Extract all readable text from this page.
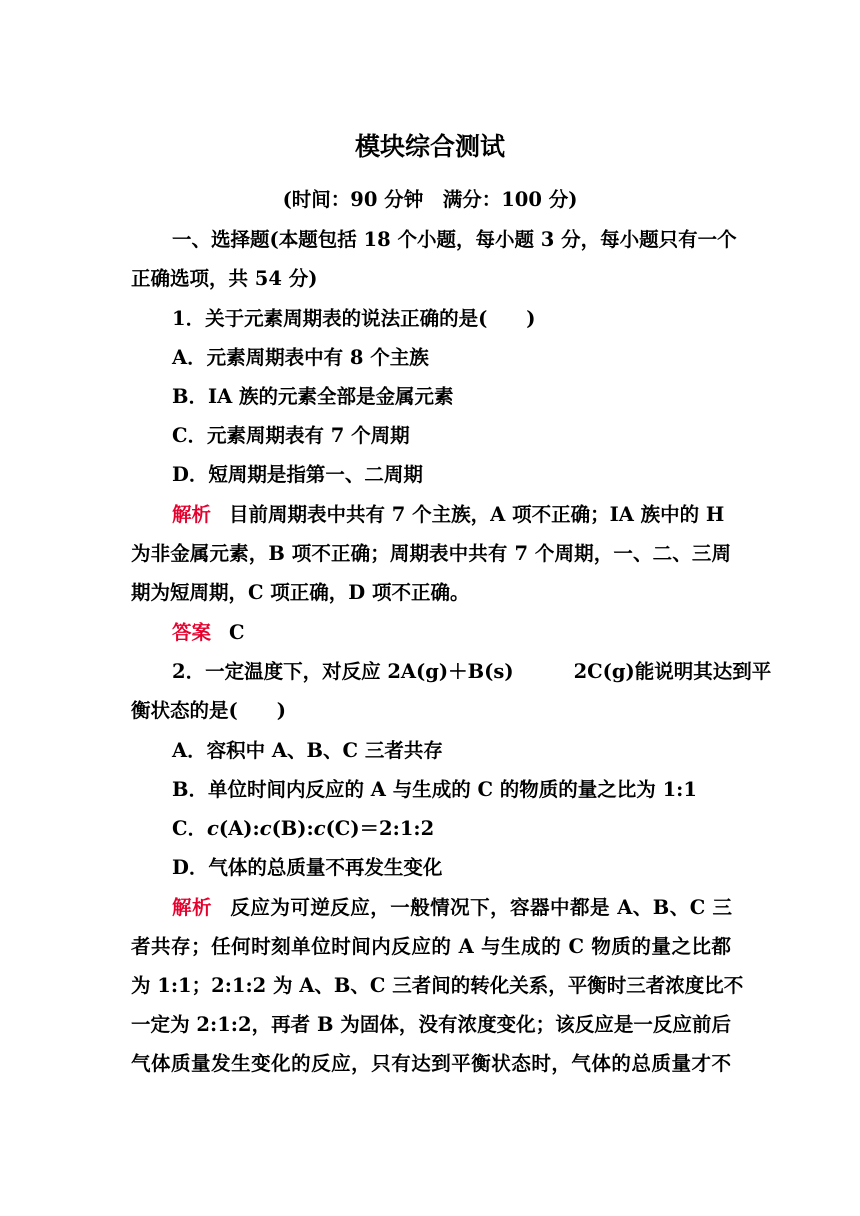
模块综合测试
(时间：90 分钟　满分：100 分)
一、选择题(本题包括 18 个小题，每小题 3 分，每小题只有一个
正确选项，共 54 分)
1．关于元素周期表的说法正确的是(　　)
A．元素周期表中有 8 个主族
B．ⅠA 族的元素全部是金属元素
C．元素周期表有 7 个周期
D．短周期是指第一、二周期
解析 目前周期表中共有 7 个主族，A 项不正确；ⅠA 族中的 H
为非金属元素，B 项不正确；周期表中共有 7 个周期，一、二、三周
期为短周期，C 项正确，D 项不正确。
答案 C
2．一定温度下，对反应 2A(g)＋B(s)	2C(g)能说明其达到平
衡状态的是(　　)
A．容积中 A、B、C 三者共存
B．单位时间内反应的 A 与生成的 C 的物质的量之比为 1:1
C．c(A):c(B):c(C)＝2:1:2
D．气体的总质量不再发生变化
解析 反应为可逆反应，一般情况下，容器中都是 A、B、C 三
者共存；任何时刻单位时间内反应的 A 与生成的 C 物质的量之比都
为 1:1；2:1:2 为 A、B、C 三者间的转化关系，平衡时三者浓度比不
一定为 2:1:2，再者 B 为固体，没有浓度变化；该反应是一反应前后
气体质量发生变化的反应，只有达到平衡状态时，气体的总质量才不
